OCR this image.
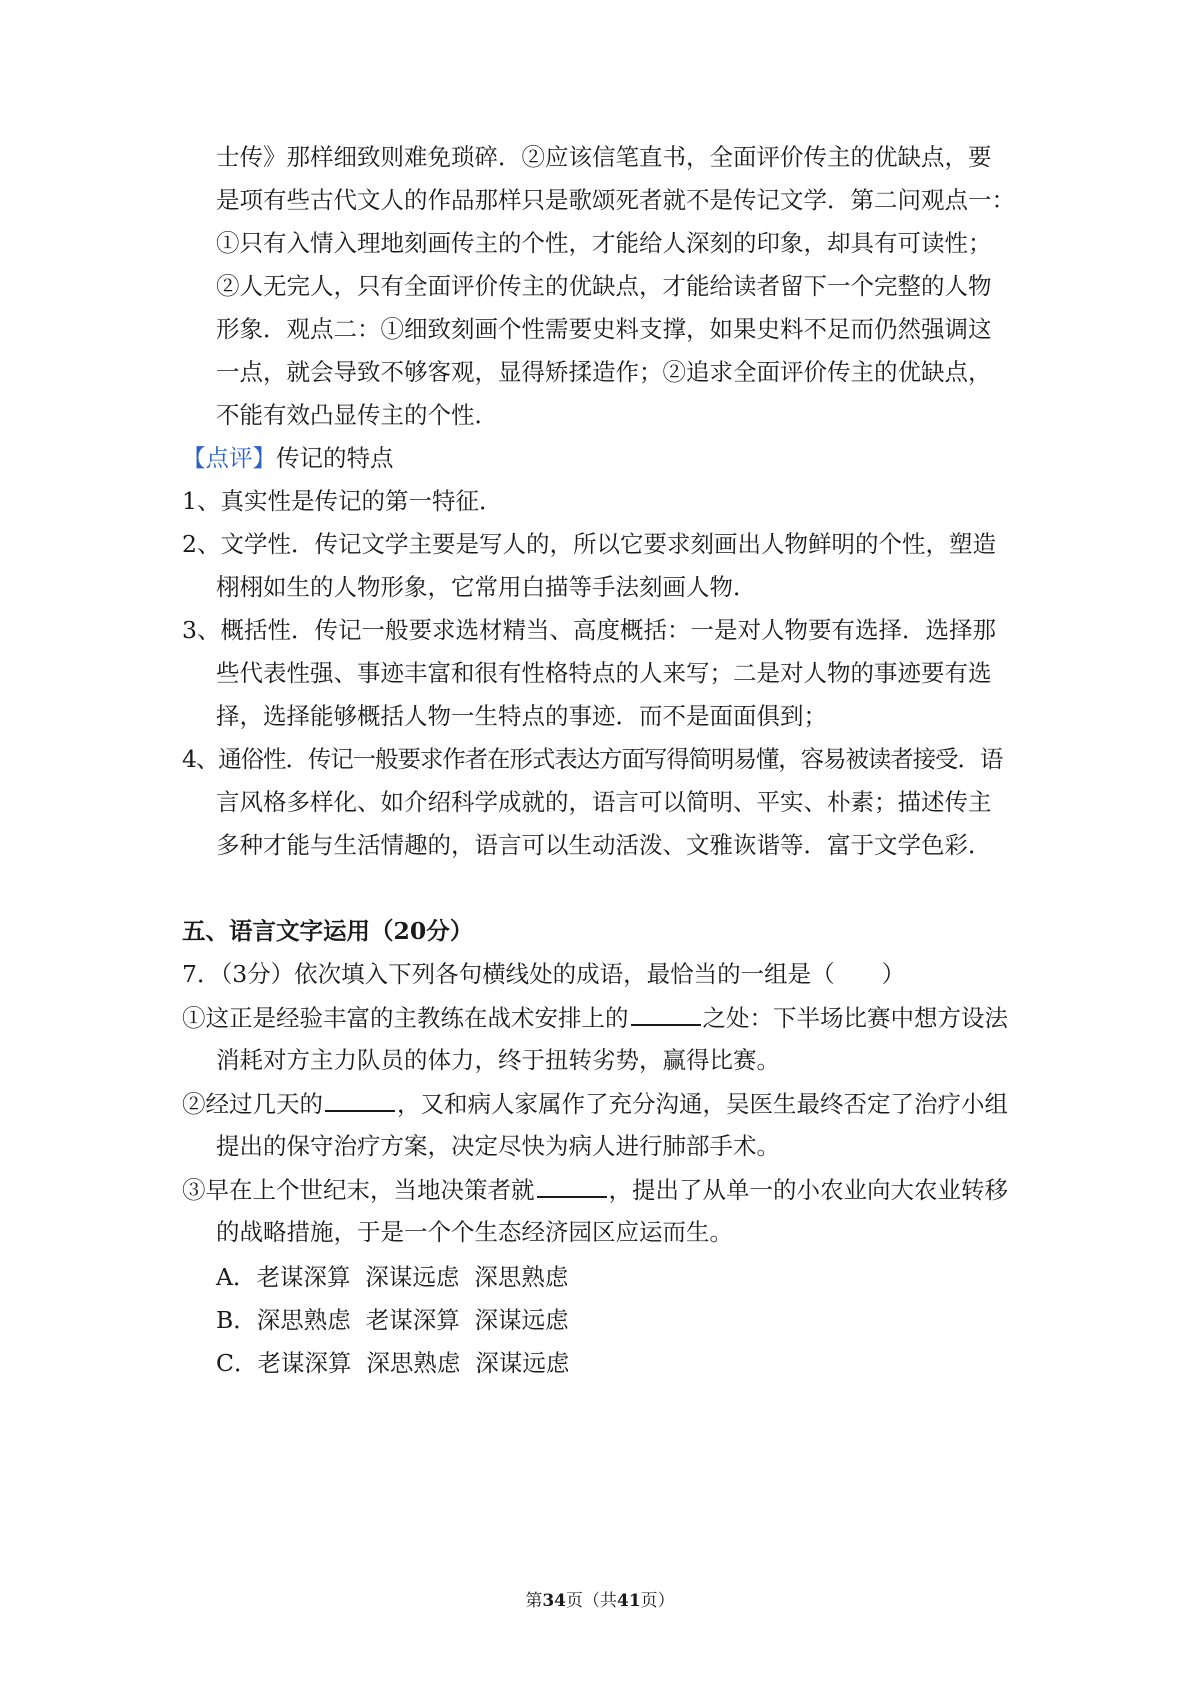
士传》那样细致则难免琐碎．②应该信笔直书，全面评价传主的优缺点，要
是项有些古代文人的作品那样只是歌颂死者就不是传记文学．第二问观点一：
①只有入情入理地刻画传主的个性，才能给人深刻的印象，却具有可读性；
②人无完人，只有全面评价传主的优缺点，才能给读者留下一个完整的人物
形象．观点二：①细致刻画个性需要史料支撑，如果史料不足而仍然强调这
一点，就会导致不够客观，显得矫揉造作；②追求全面评价传主的优缺点，
不能有效凸显传主的个性．
【点评】传记的特点
1、真实性是传记的第一特征．
2、文学性．传记文学主要是写人的，所以它要求刻画出人物鲜明的个性，塑造
栩栩如生的人物形象，它常用白描等手法刻画人物．
3、概括性．传记一般要求选材精当、高度概括：一是对人物要有选择．选择那
些代表性强、事迹丰富和很有性格特点的人来写；二是对人物的事迹要有选
择，选择能够概括人物一生特点的事迹．而不是面面俱到；
4、通俗性．传记一般要求作者在形式表达方面写得简明易懂，容易被读者接受．语
言风格多样化、如介绍科学成就的，语言可以简明、平实、朴素；描述传主
多种才能与生活情趣的，语言可以生动活泼、文雅诙谐等．富于文学色彩．
五、语言文字运用（20分）
7．（3分）依次填入下列各句横线处的成语，最恰当的一组是（　　）
①这正是经验丰富的主教练在战术安排上的	之处：下半场比赛中想方设法
消耗对方主力队员的体力，终于扭转劣势，赢得比赛。
②经过几天的	，又和病人家属作了充分沟通，吴医生最终否定了治疗小组
提出的保守治疗方案，决定尽快为病人进行肺部手术。
③早在上个世纪末，当地决策者就	，提出了从单一的小农业向大农业转移
的战略措施，于是一个个生态经济园区应运而生。
A．老谋深算  深谋远虑  深思熟虑
B．深思熟虑  老谋深算  深谋远虑
C．老谋深算  深思熟虑  深谋远虑
第34页（共41页）
